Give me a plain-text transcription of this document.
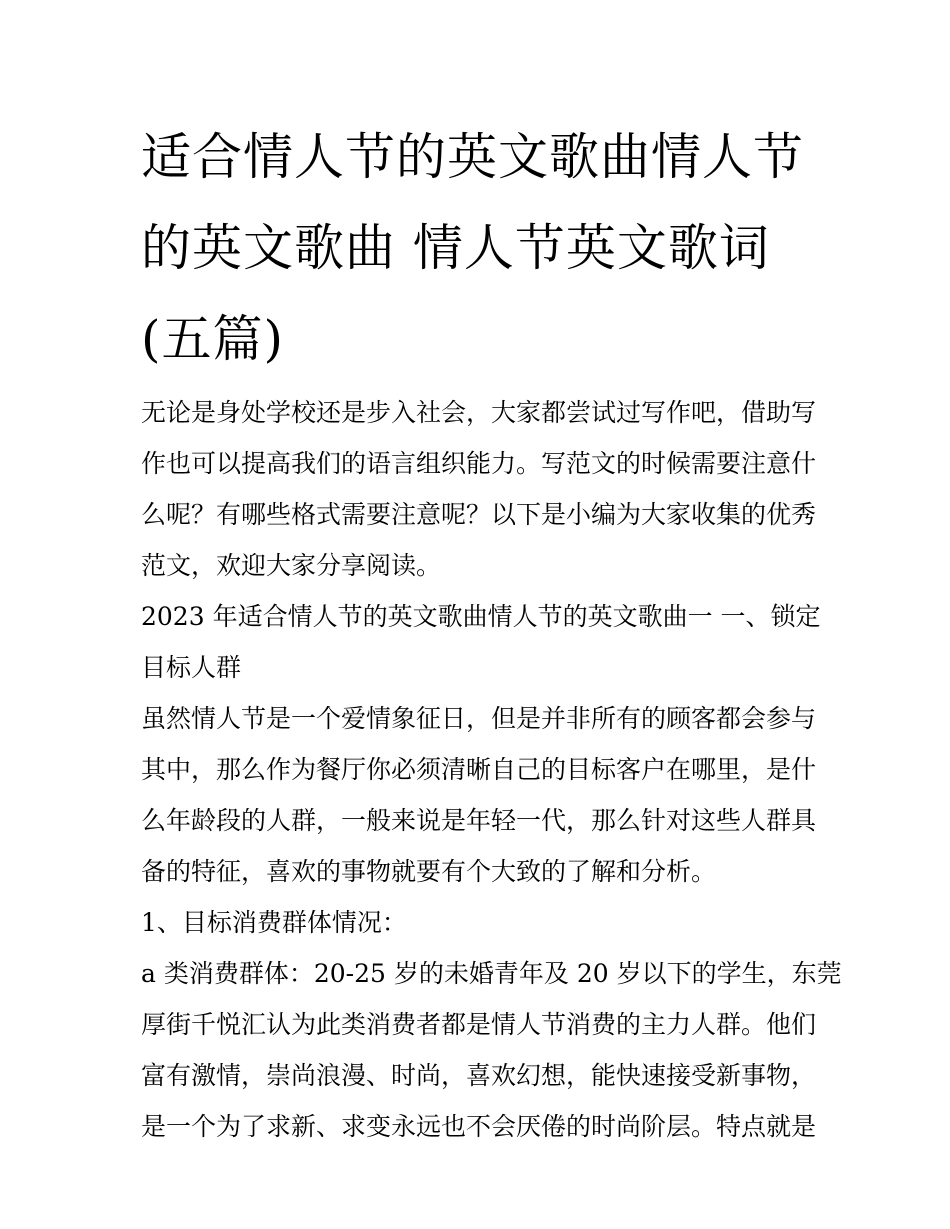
适合情人节的英文歌曲情人节
的英文歌曲 情人节英文歌词
(五篇)

无论是身处学校还是步入社会，大家都尝试过写作吧，借助写
作也可以提高我们的语言组织能力。写范文的时候需要注意什
么呢？有哪些格式需要注意呢？以下是小编为大家收集的优秀
范文，欢迎大家分享阅读。

2023 年适合情人节的英文歌曲情人节的英文歌曲一 一、锁定
目标人群

虽然情人节是一个爱情象征日，但是并非所有的顾客都会参与
其中，那么作为餐厅你必须清晰自己的目标客户在哪里，是什
么年龄段的人群，一般来说是年轻一代，那么针对这些人群具
备的特征，喜欢的事物就要有个大致的了解和分析。

1、目标消费群体情况：

a 类消费群体：20-25 岁的未婚青年及 20 岁以下的学生，东莞
厚街千悦汇认为此类消费者都是情人节消费的主力人群。他们
富有激情，崇尚浪漫、时尚，喜欢幻想，能快速接受新事物，
是一个为了求新、求变永远也不会厌倦的时尚阶层。特点就是
